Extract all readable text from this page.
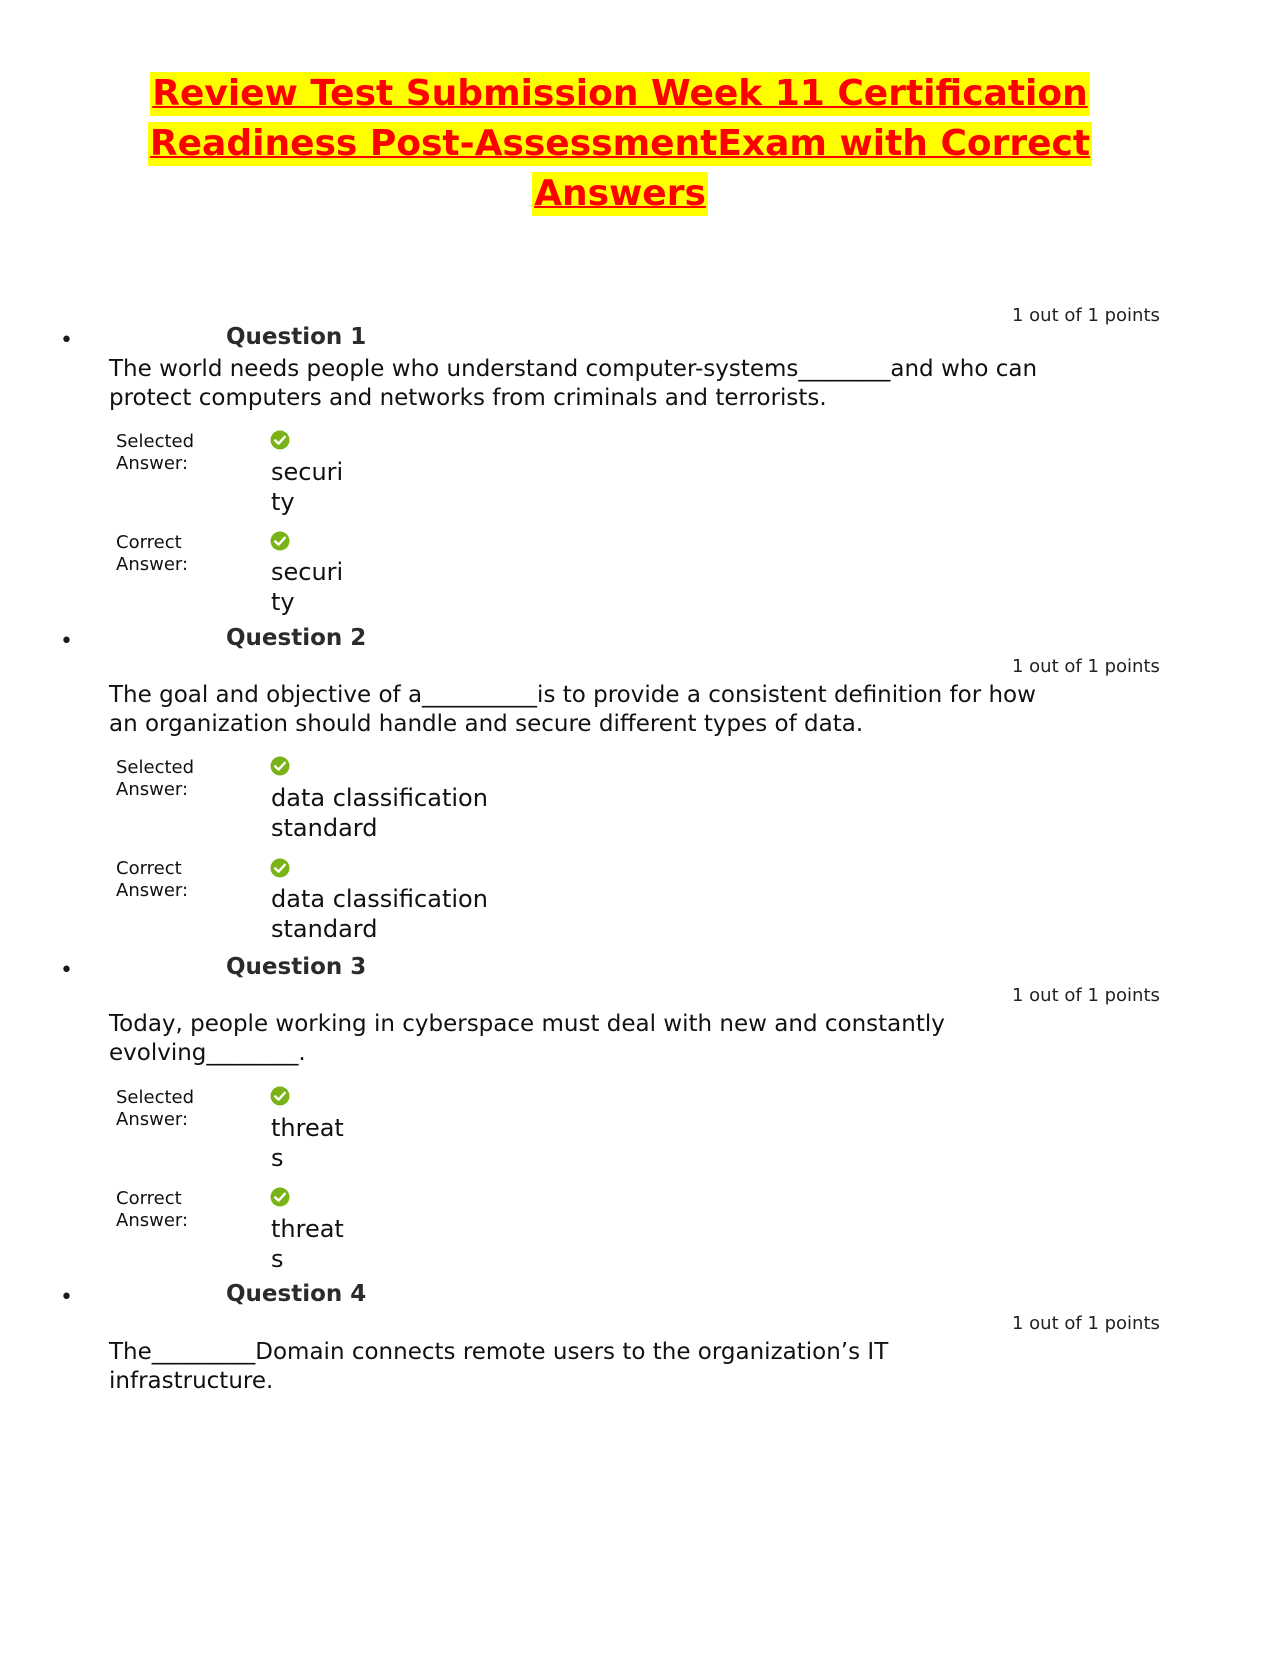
Review Test Submission Week 11 Certification
Readiness Post-AssessmentExam with Correct
Answers
1 out of 1 points
•	Question 1
The world needs people who understand computer-systems________and who can protect computers and networks from criminals and terrorists.
Selected Answer:	security
Correct Answer:	security
•	Question 2
1 out of 1 points
The goal and objective of a__________is to provide a consistent definition for how an organization should handle and secure different types of data.
Selected Answer:	data classification standard
Correct Answer:	data classification standard
•	Question 3
1 out of 1 points
Today, people working in cyberspace must deal with new and constantly evolving________.
Selected Answer:	threats
Correct Answer:	threats
•	Question 4
1 out of 1 points
The_________Domain connects remote users to the organization’s IT infrastructure.
